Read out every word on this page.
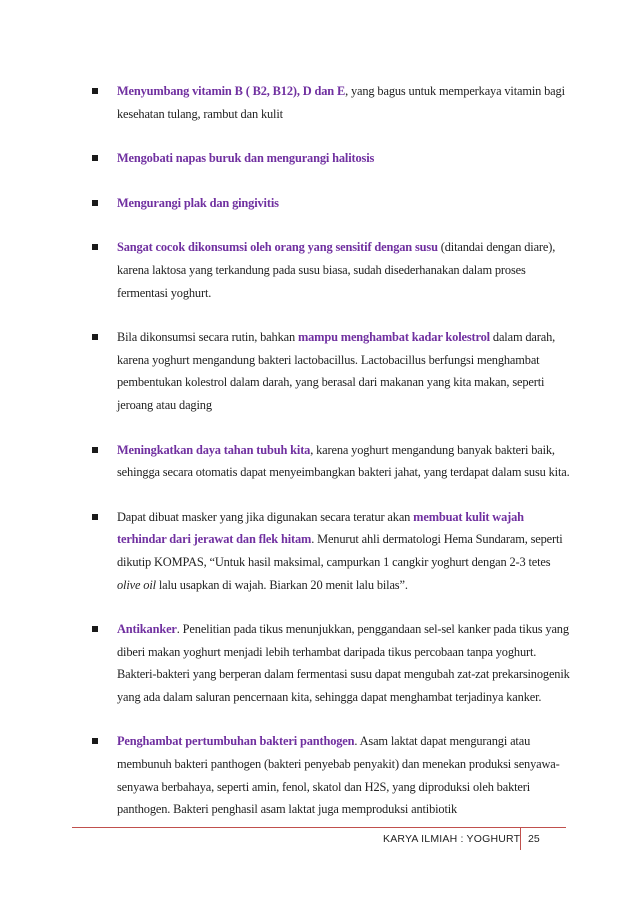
Menyumbang vitamin B ( B2, B12), D dan E, yang bagus untuk memperkaya vitamin bagi kesehatan tulang, rambut dan kulit
Mengobati napas buruk dan mengurangi halitosis
Mengurangi plak dan gingivitis
Sangat cocok dikonsumsi oleh orang yang sensitif dengan susu (ditandai dengan diare), karena laktosa yang terkandung pada susu biasa, sudah disederhanakan dalam proses fermentasi yoghurt.
Bila dikonsumsi secara rutin, bahkan mampu menghambat kadar kolestrol dalam darah, karena yoghurt mengandung bakteri lactobacillus. Lactobacillus berfungsi menghambat pembentukan kolestrol dalam darah, yang berasal dari makanan yang kita makan, seperti jeroang atau daging
Meningkatkan daya tahan tubuh kita, karena yoghurt mengandung banyak bakteri baik, sehingga secara otomatis dapat menyeimbangkan bakteri jahat, yang terdapat dalam susu kita.
Dapat dibuat masker yang jika digunakan secara teratur akan membuat kulit wajah terhindar dari jerawat dan flek hitam. Menurut ahli dermatologi Hema Sundaram, seperti dikutip KOMPAS, “Untuk hasil maksimal, campurkan 1 cangkir yoghurt dengan 2-3 tetes olive oil lalu usapkan di wajah. Biarkan 20 menit lalu bilas”.
Antikanker. Penelitian pada tikus menunjukkan, penggandaan sel-sel kanker pada tikus yang diberi makan yoghurt menjadi lebih terhambat daripada tikus percobaan tanpa yoghurt. Bakteri-bakteri yang berperan dalam fermentasi susu dapat mengubah zat-zat prekarsinogenik yang ada dalam saluran pencernaan kita, sehingga dapat menghambat terjadinya kanker.
Penghambat pertumbuhan bakteri panthogen. Asam laktat dapat mengurangi atau membunuh bakteri panthogen (bakteri penyebab penyakit) dan menekan produksi senyawa-senyawa berbahaya, seperti amin, fenol, skatol dan H2S, yang diproduksi oleh bakteri panthogen. Bakteri penghasil asam laktat juga memproduksi antibiotik
KARYA ILMIAH : YOGHURT 25
